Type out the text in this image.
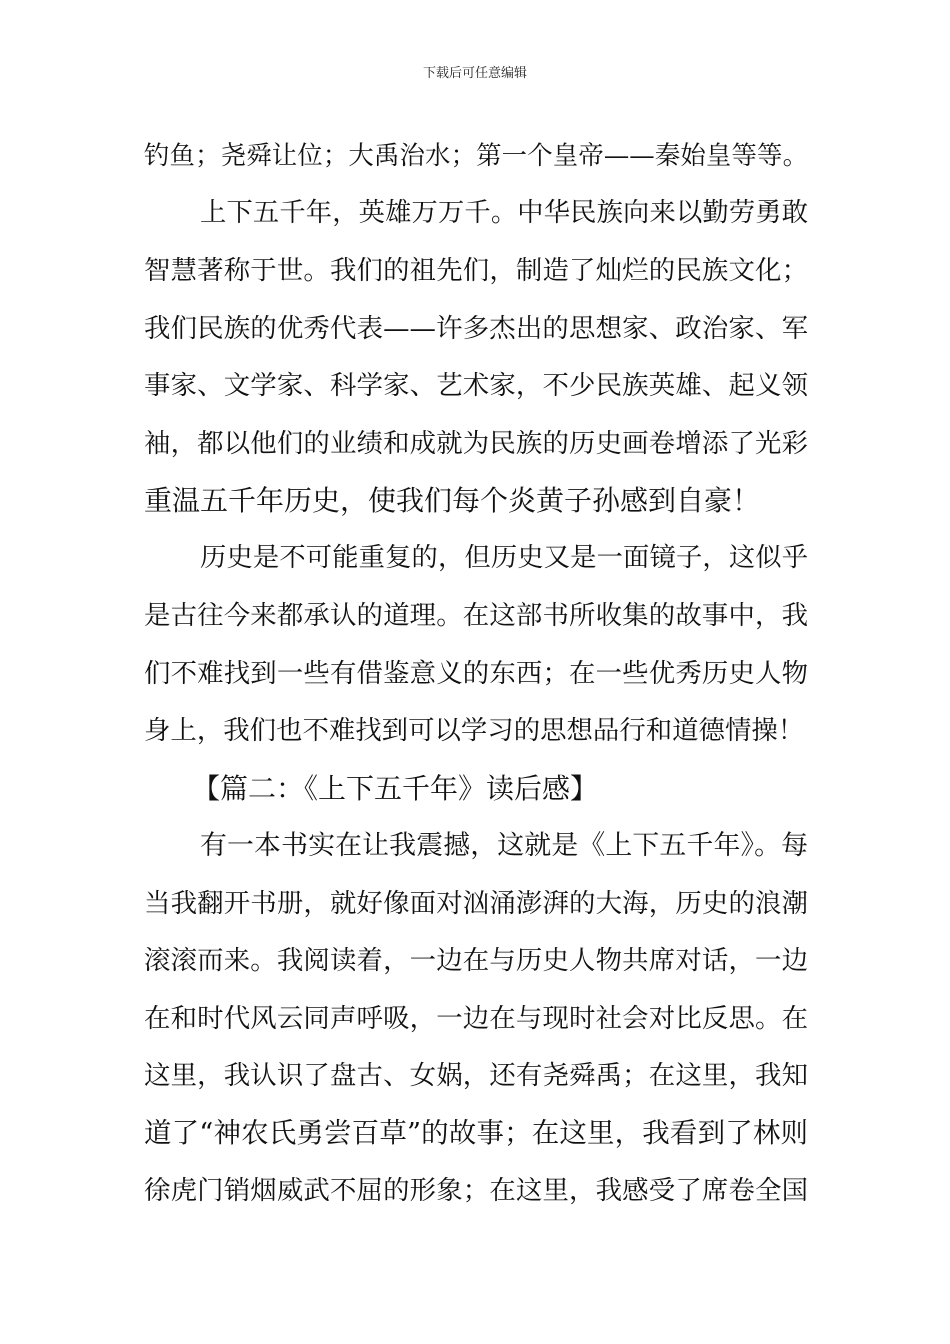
下载后可任意编辑
钓鱼；尧舜让位；大禹治水；第一个皇帝——秦始皇等等。
上下五千年，英雄万万千。中华民族向来以勤劳勇敢
智慧著称于世。我们的祖先们，制造了灿烂的民族文化；
我们民族的优秀代表——许多杰出的思想家、政治家、军
事家、文学家、科学家、艺术家，不少民族英雄、起义领
袖，都以他们的业绩和成就为民族的历史画卷增添了光彩
重温五千年历史，使我们每个炎黄子孙感到自豪！
历史是不可能重复的，但历史又是一面镜子，这似乎
是古往今来都承认的道理。在这部书所收集的故事中，我
们不难找到一些有借鉴意义的东西；在一些优秀历史人物
身上，我们也不难找到可以学习的思想品行和道德情操！
【篇二：《上下五千年》读后感】
有一本书实在让我震撼，这就是《上下五千年》。每
当我翻开书册，就好像面对汹涌澎湃的大海，历史的浪潮
滚滚而来。我阅读着，一边在与历史人物共席对话，一边
在和时代风云同声呼吸，一边在与现时社会对比反思。在
这里，我认识了盘古、女娲，还有尧舜禹；在这里，我知
道了“神农氏勇尝百草”的故事；在这里，我看到了林则
徐虎门销烟威武不屈的形象；在这里，我感受了席卷全国
